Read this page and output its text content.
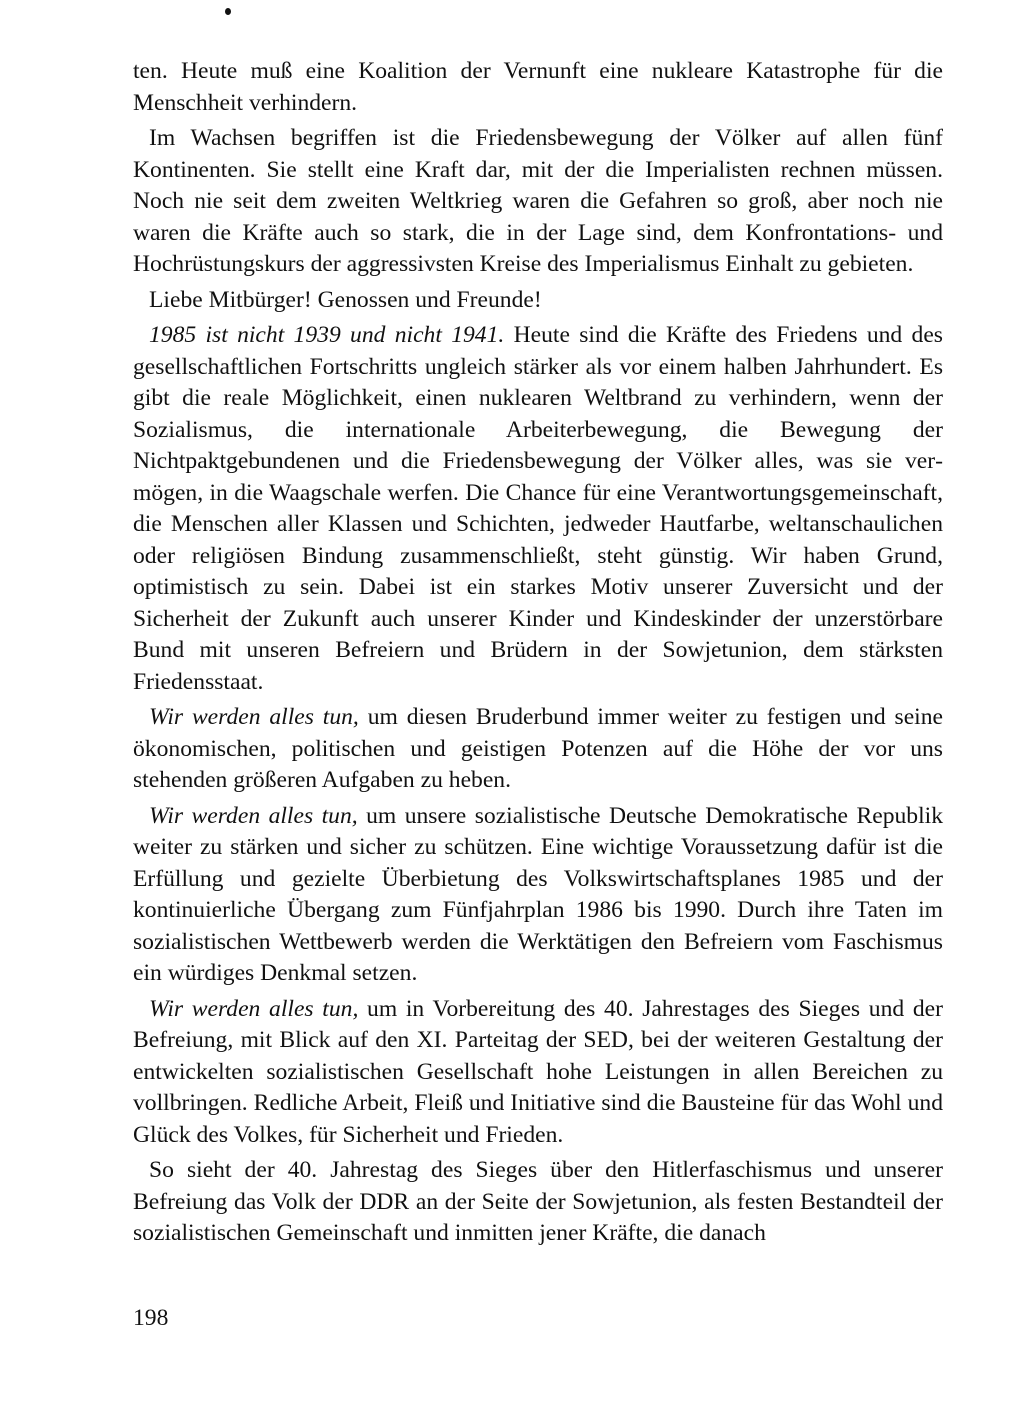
ten. Heute muß eine Koalition der Vernunft eine nukleare Katastrophe für die Menschheit verhindern.

Im Wachsen begriffen ist die Friedensbewegung der Völker auf allen fünf Kontinenten. Sie stellt eine Kraft dar, mit der die Imperialisten rechnen müssen. Noch nie seit dem zweiten Weltkrieg waren die Gefahren so groß, aber noch nie waren die Kräfte auch so stark, die in der Lage sind, dem Konfrontations- und Hochrüstungskurs der aggressivsten Kreise des Imperialismus Einhalt zu gebieten.

Liebe Mitbürger! Genossen und Freunde!

1985 ist nicht 1939 und nicht 1941. Heute sind die Kräfte des Friedens und des gesellschaftlichen Fortschritts ungleich stärker als vor einem halben Jahrhundert. Es gibt die reale Möglichkeit, einen nuklearen Weltbrand zu verhindern, wenn der Sozialismus, die internationale Arbeiterbewegung, die Bewegung der Nichtpaktgebundenen und die Friedensbewegung der Völker alles, was sie vermögen, in die Waagschale werfen. Die Chance für eine Verantwortungsgemeinschaft, die Menschen aller Klassen und Schichten, jedweder Hautfarbe, weltanschaulichen oder religiösen Bindung zusammenschließt, steht günstig. Wir haben Grund, optimistisch zu sein. Dabei ist ein starkes Motiv unserer Zuversicht und der Sicherheit der Zukunft auch unserer Kinder und Kindeskinder der unzerstörbare Bund mit unseren Befreiern und Brüdern in der Sowjetunion, dem stärksten Friedensstaat.

Wir werden alles tun, um diesen Bruderbund immer weiter zu festigen und seine ökonomischen, politischen und geistigen Potenzen auf die Höhe der vor uns stehenden größeren Aufgaben zu heben.

Wir werden alles tun, um unsere sozialistische Deutsche Demokratische Republik weiter zu stärken und sicher zu schützen. Eine wichtige Voraussetzung dafür ist die Erfüllung und gezielte Überbietung des Volkswirtschaftsplanes 1985 und der kontinuierliche Übergang zum Fünfjahrplan 1986 bis 1990. Durch ihre Taten im sozialistischen Wettbewerb werden die Werktätigen den Befreiern vom Faschismus ein würdiges Denkmal setzen.

Wir werden alles tun, um in Vorbereitung des 40. Jahrestages des Sieges und der Befreiung, mit Blick auf den XI. Parteitag der SED, bei der weiteren Gestaltung der entwickelten sozialistischen Gesellschaft hohe Leistungen in allen Bereichen zu vollbringen. Redliche Arbeit, Fleiß und Initiative sind die Bausteine für das Wohl und Glück des Volkes, für Sicherheit und Frieden.

So sieht der 40. Jahrestag des Sieges über den Hitlerfaschismus und unserer Befreiung das Volk der DDR an der Seite der Sowjetunion, als festen Bestandteil der sozialistischen Gemeinschaft und inmitten jener Kräfte, die danach

198
